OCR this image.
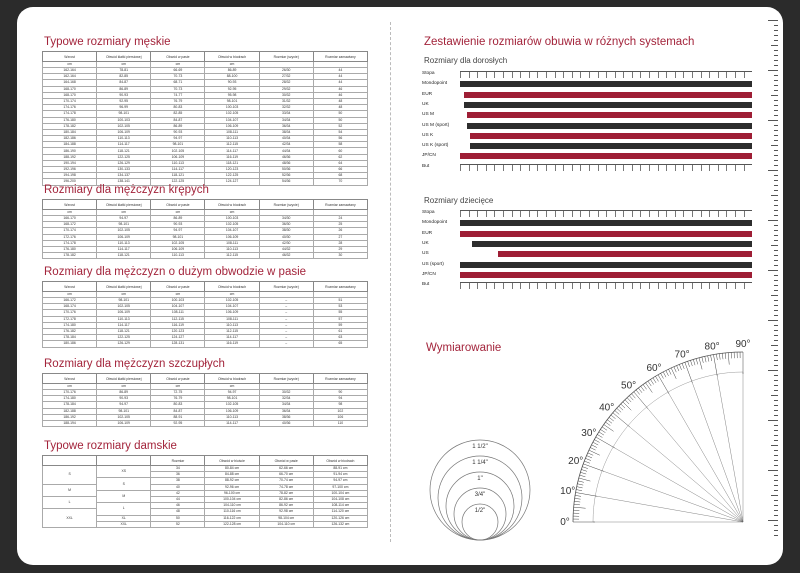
Typowe rozmiary męskie
Wzrost	Obwód klatki piersiowej	Obwód w pasie	Obwód w biodrach	Rozmiar (szycie)	Rozmiar zamawiany
cm	cm	cm	cm		
162-164	78-81	66-69	86-89	26/30	44
162-164	82-85	70-73	88-100	27/32	44
164-168	84-87	68-71	90-93	28/32	44
168-170	86-89	70-73	92-95	29/32	46
168-170	90-93	74-77	95-98	30/32	46
170-174	92-95	76-79	98-101	31/32	48
174-176	96-99	80-83	100-103	32/32	48
174-178	98-101	82-85	102-105	33/34	50
176-180	100-103	84-87	104-107	34/34	50
178-182	102-105	86-89	106-109	36/34	52
180-184	106-109	90-93	108-111	38/34	54
182-186	110-113	94-97	110-113	40/34	56
184-188	114-117	98-101	112-115	42/34	58
186-190	118-121	102-105	114-117	44/34	60
188-192	122-125	106-109	116-119	46/36	62
190-194	126-129	110-113	118-121	48/36	64
192-196	130-133	114-117	120-123	50/36	66
194-198	134-137	118-121	122-125	52/36	68
196-200	138-141	122-125	124-127	54/36	70
Rozmiary dla mężczyzn krępych
Wzrost	Obwód klatki piersiowej	Obwód w pasie	Obwód w biodrach	Rozmiar (szycie)	Rozmiar zamawiany
cm	cm	cm	cm		
166-170	94-97	86-89	100-103	34/30	24
168-172	98-101	90-93	102-105	36/30	25
170-174	102-105	94-97	104-107	38/30	26
172-176	106-109	98-101	106-109	40/30	27
174-178	110-113	102-105	108-111	42/30	28
176-180	114-117	106-109	110-113	44/32	29
178-182	118-121	110-113	112-115	46/32	30
Rozmiary dla mężczyzn o dużym obwodzie w pasie
Wzrost	Obwód klatki piersiowej	Obwód w pasie	Obwód w biodrach	Rozmiar (szycie)	Rozmiar zamawiany
cm	cm	cm	cm		
166-172	98-101	100-103	102-105	–	51
168-174	102-105	104-107	104-107	–	53
170-176	106-109	108-111	106-109	–	55
172-178	110-113	112-115	108-111	–	57
174-180	114-117	116-119	110-113	–	59
176-182	118-121	120-123	112-115	–	61
178-184	122-125	124-127	114-117	–	63
180-186	126-129	128-131	116-119	–	65
Rozmiary dla mężczyzn szczupłych
Wzrost	Obwód klatki piersiowej	Obwód w pasie	Obwód w biodrach	Rozmiar (szycie)	Rozmiar zamawiany
cm	cm	cm	cm		
170-176	86-89	72-75	94-97	30/32	90
174-180	90-93	76-79	98-101	32/34	94
178-184	94-97	80-83	102-105	34/34	98
182-188	98-101	84-87	106-109	36/34	102
186-192	102-105	88-91	110-113	38/36	106
188-194	106-109	92-95	114-117	40/36	110
Typowe rozmiary damskie
		Rozmiar	Obwód w biuście	Obwód w pasie	Obwód w biodrach
S	XS	34	80-84 cm	62-66 cm	88-91 cm
		36	84-88 cm	66-70 cm	91-94 cm
	S	38	88-92 cm	70-74 cm	94-97 cm
M		40	92-96 cm	74-78 cm	97-100 cm
	M	42	96-100 cm	78-82 cm	100-104 cm
L		44	100-104 cm	82-86 cm	104-108 cm
	L	46	104-110 cm	86-92 cm	108-114 cm
XXL		48	110-116 cm	92-98 cm	114-120 cm
	XL	50	116-122 cm	98-104 cm	120-126 cm
	XXL	52	122-128 cm	104-110 cm	126-132 cm
Zestawienie rozmiarów obuwia w różnych systemach
Rozmiary dla dorosłych
Stopa
Mondopoint
EUR
UK
US M
US M (sport)
US K
US K (sport)
JP/CN
But
Rozmiary dziecięce
Stopa
Mondopoint
EUR
UK
US
US (sport)
JP/CN
But
Wymiarowanie
1 1/2"
1 1/4"
1"
3/4"
1/2"
0°
10°
20°
30°
40°
50°
60°
70°
80° 90°
